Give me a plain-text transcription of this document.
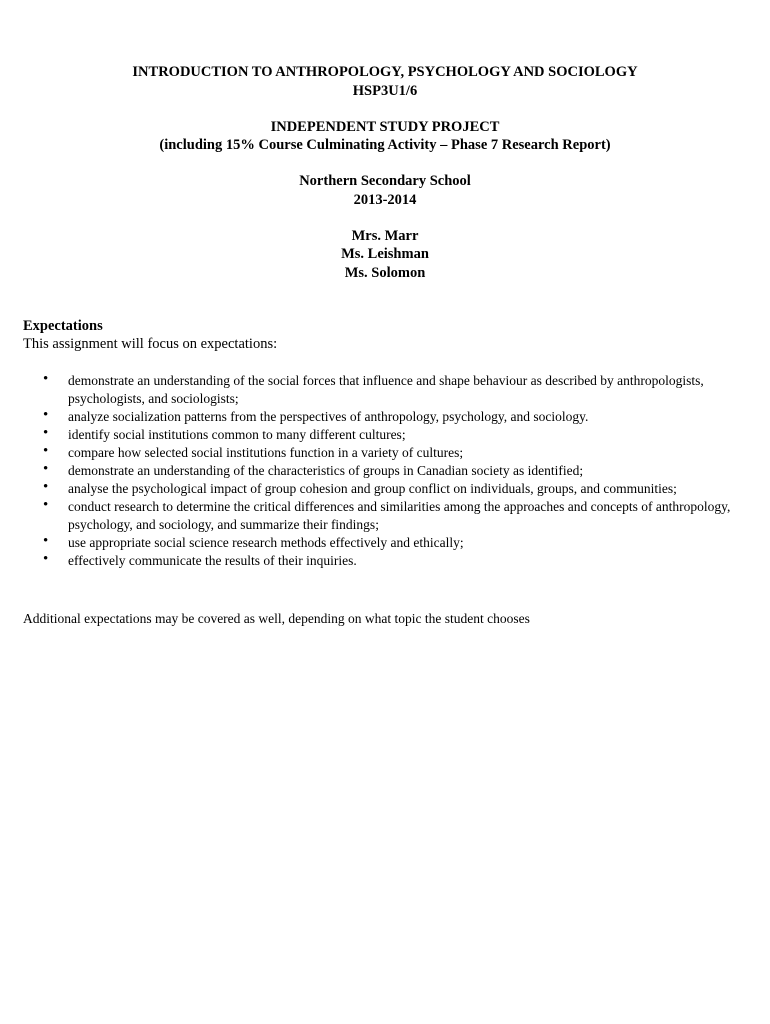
INTRODUCTION TO ANTHROPOLOGY, PSYCHOLOGY AND SOCIOLOGY
HSP3U1/6
INDEPENDENT STUDY PROJECT
(including 15% Course Culminating Activity – Phase 7 Research Report)
Northern Secondary School
2013-2014
Mrs. Marr
Ms. Leishman
Ms. Solomon
Expectations
This assignment will focus on expectations:
• demonstrate an understanding of the social forces that influence and shape behaviour as described by anthropologists, psychologists, and sociologists;
• analyze socialization patterns from the perspectives of anthropology, psychology, and sociology.
• identify social institutions common to many different cultures;
• compare how selected social institutions function in a variety of cultures;
• demonstrate an understanding of the characteristics of groups in Canadian society as identified;
• analyse the psychological impact of group cohesion and group conflict on individuals, groups, and communities;
• conduct research to determine the critical differences and similarities among the approaches and concepts of anthropology, psychology, and sociology, and summarize their findings;
• use appropriate social science research methods effectively and ethically;
• effectively communicate the results of their inquiries.
Additional expectations may be covered as well, depending on what topic the student chooses
